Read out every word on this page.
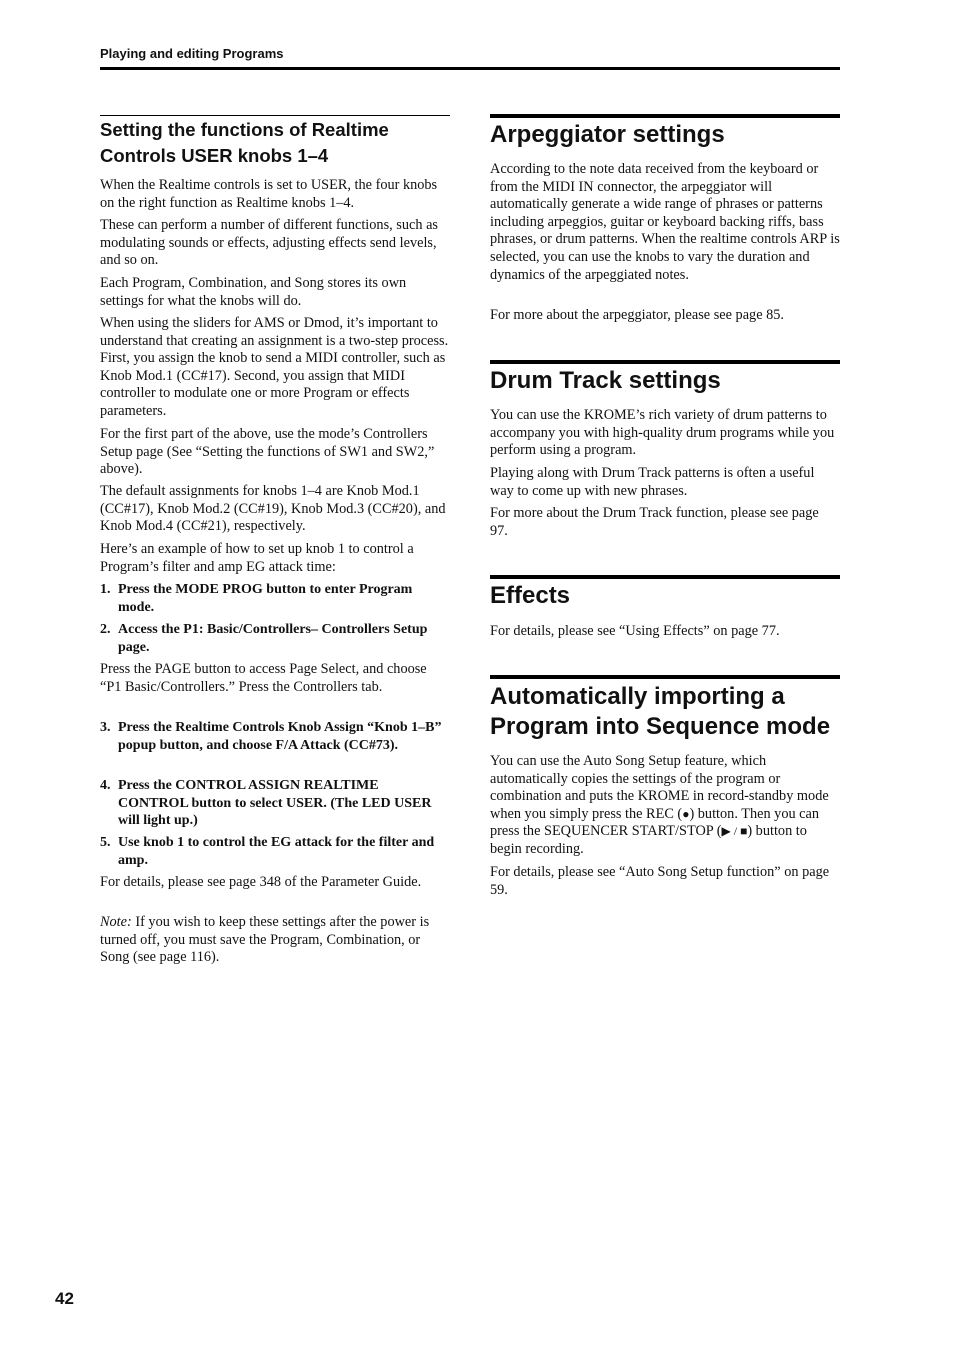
Playing and editing Programs
Setting the functions of Realtime Controls USER knobs 1–4

When the Realtime controls is set to USER, the four knobs on the right function as Realtime knobs 1–4.

These can perform a number of different functions, such as modulating sounds or effects, adjusting effects send levels, and so on.

Each Program, Combination, and Song stores its own settings for what the knobs will do.

When using the sliders for AMS or Dmod, it’s important to understand that creating an assignment is a two-step process. First, you assign the knob to send a MIDI controller, such as Knob Mod.1 (CC#17). Second, you assign that MIDI controller to modulate one or more Program or effects parameters.

For the first part of the above, use the mode’s Controllers Setup page (See “Setting the functions of SW1 and SW2,” above).

The default assignments for knobs 1–4 are Knob Mod.1 (CC#17), Knob Mod.2 (CC#19), Knob Mod.3 (CC#20), and Knob Mod.4 (CC#21), respectively.

Here’s an example of how to set up knob 1 to control a Program’s filter and amp EG attack time:

1. Press the MODE PROG button to enter Program mode.
2. Access the P1: Basic/Controllers– Controllers Setup page.

Press the PAGE button to access Page Select, and choose “P1 Basic/Controllers.” Press the Controllers tab.

3. Press the Realtime Controls Knob Assign “Knob 1–B” popup button, and choose F/A Attack (CC#73).
4. Press the CONTROL ASSIGN REALTIME CONTROL button to select USER. (The LED USER will light up.)
5. Use knob 1 to control the EG attack for the filter and amp.

For details, please see page 348 of the Parameter Guide.

Note: If you wish to keep these settings after the power is turned off, you must save the Program, Combination, or Song (see page 116).

Arpeggiator settings

According to the note data received from the keyboard or from the MIDI IN connector, the arpeggiator will automatically generate a wide range of phrases or patterns including arpeggios, guitar or keyboard backing riffs, bass phrases, or drum patterns. When the realtime controls ARP is selected, you can use the knobs to vary the duration and dynamics of the arpeggiated notes.

For more about the arpeggiator, please see page 85.

Drum Track settings

You can use the KROME’s rich variety of drum patterns to accompany you with high-quality drum programs while you perform using a program.

Playing along with Drum Track patterns is often a useful way to come up with new phrases.

For more about the Drum Track function, please see page 97.

Effects

For details, please see “Using Effects” on page 77.

Automatically importing a Program into Sequence mode

You can use the Auto Song Setup feature, which automatically copies the settings of the program or combination and puts the KROME in record-standby mode when you simply press the REC (●) button. Then you can press the SEQUENCER START/STOP (▶ / ■) button to begin recording.

For details, please see “Auto Song Setup function” on page 59.

42
